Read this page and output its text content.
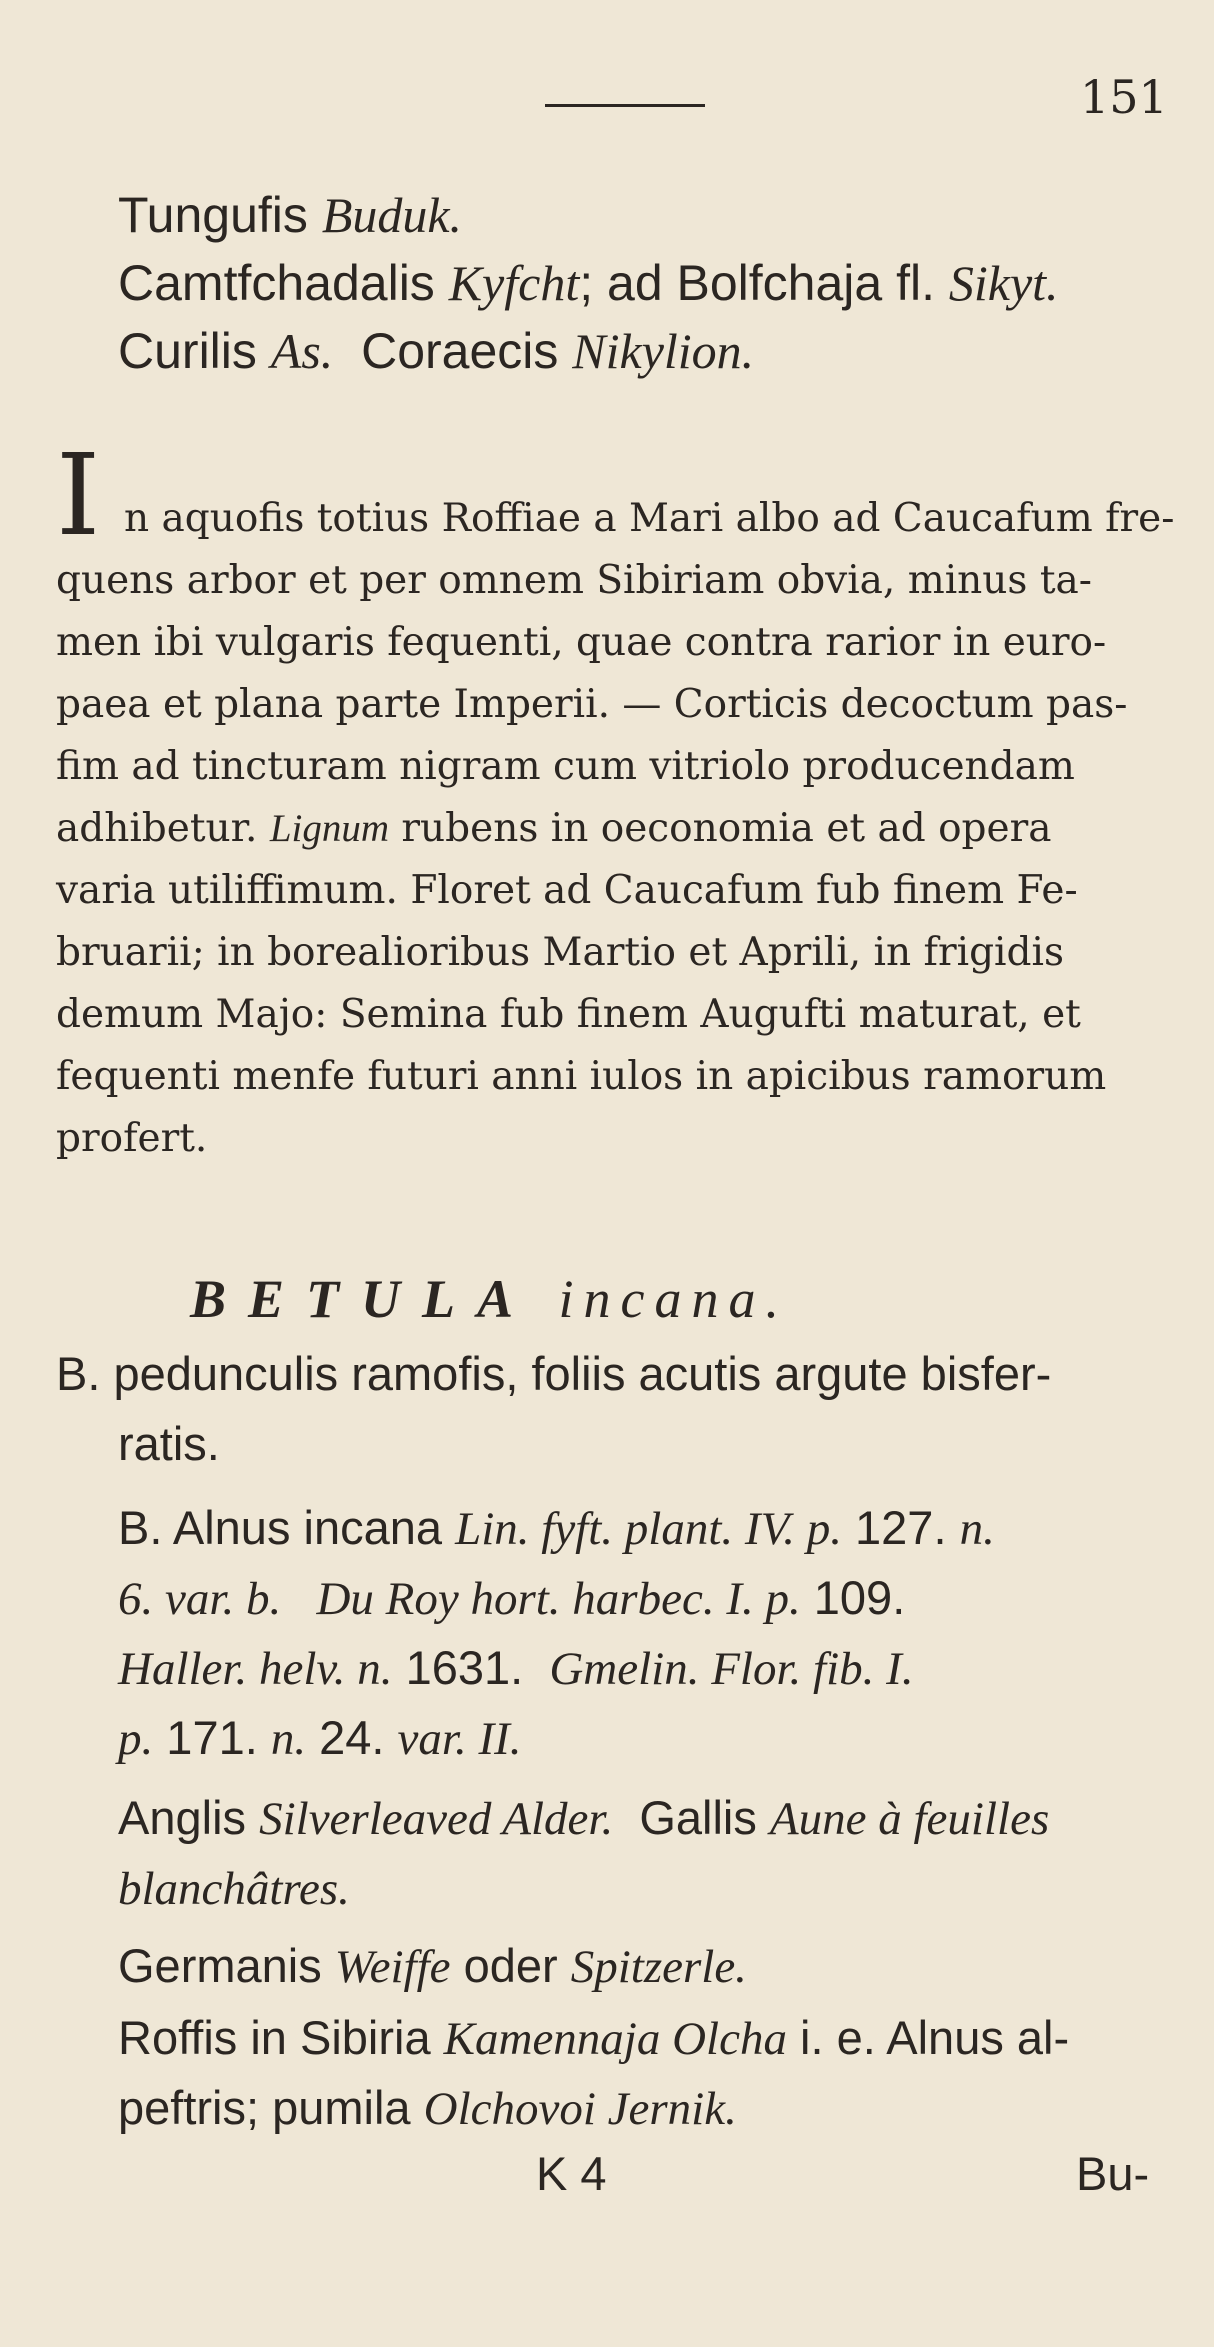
151
Tungufis Buduk.
Camtfchadalis Kyfcht; ad Bolfchaja fl. Sikyt.
Curilis As.  Coraecis Nikylion.
I n aquofis totius Roffiae a Mari albo ad Caucafum fre-
quens arbor et per omnem Sibiriam obvia, minus ta-
men ibi vulgaris fequenti, quae contra rarior in euro-
paea et plana parte Imperii. — Corticis decoctum pas-
fim ad tincturam nigram cum vitriolo producendam
adhibetur. Lignum rubens in oeconomia et ad opera
varia utiliffimum. Floret ad Caucafum fub finem Fe-
bruarii; in borealioribus Martio et Aprili, in frigidis
demum Majo: Semina fub finem Augufti maturat, et
fequenti menfe futuri anni iulos in apicibus ramorum
profert.
BETULA incana.
B. pedunculis ramofis, foliis acutis argute bisfer-
ratis.
B. Alnus incana Lin. fyft. plant. IV. p. 127. n.
6. var. b.   Du Roy hort. harbec. I. p. 109.
Haller. helv. n. 1631.  Gmelin. Flor. fib. I.
p. 171. n. 24. var. II.
Anglis Silverleaved Alder.  Gallis Aune à feuilles
blanchâtres.
Germanis Weiffe oder Spitzerle.
Roffis in Sibiria Kamennaja Olcha i. e. Alnus al-
peftris; pumila Olchovoi Jernik.
K 4	Bu-
